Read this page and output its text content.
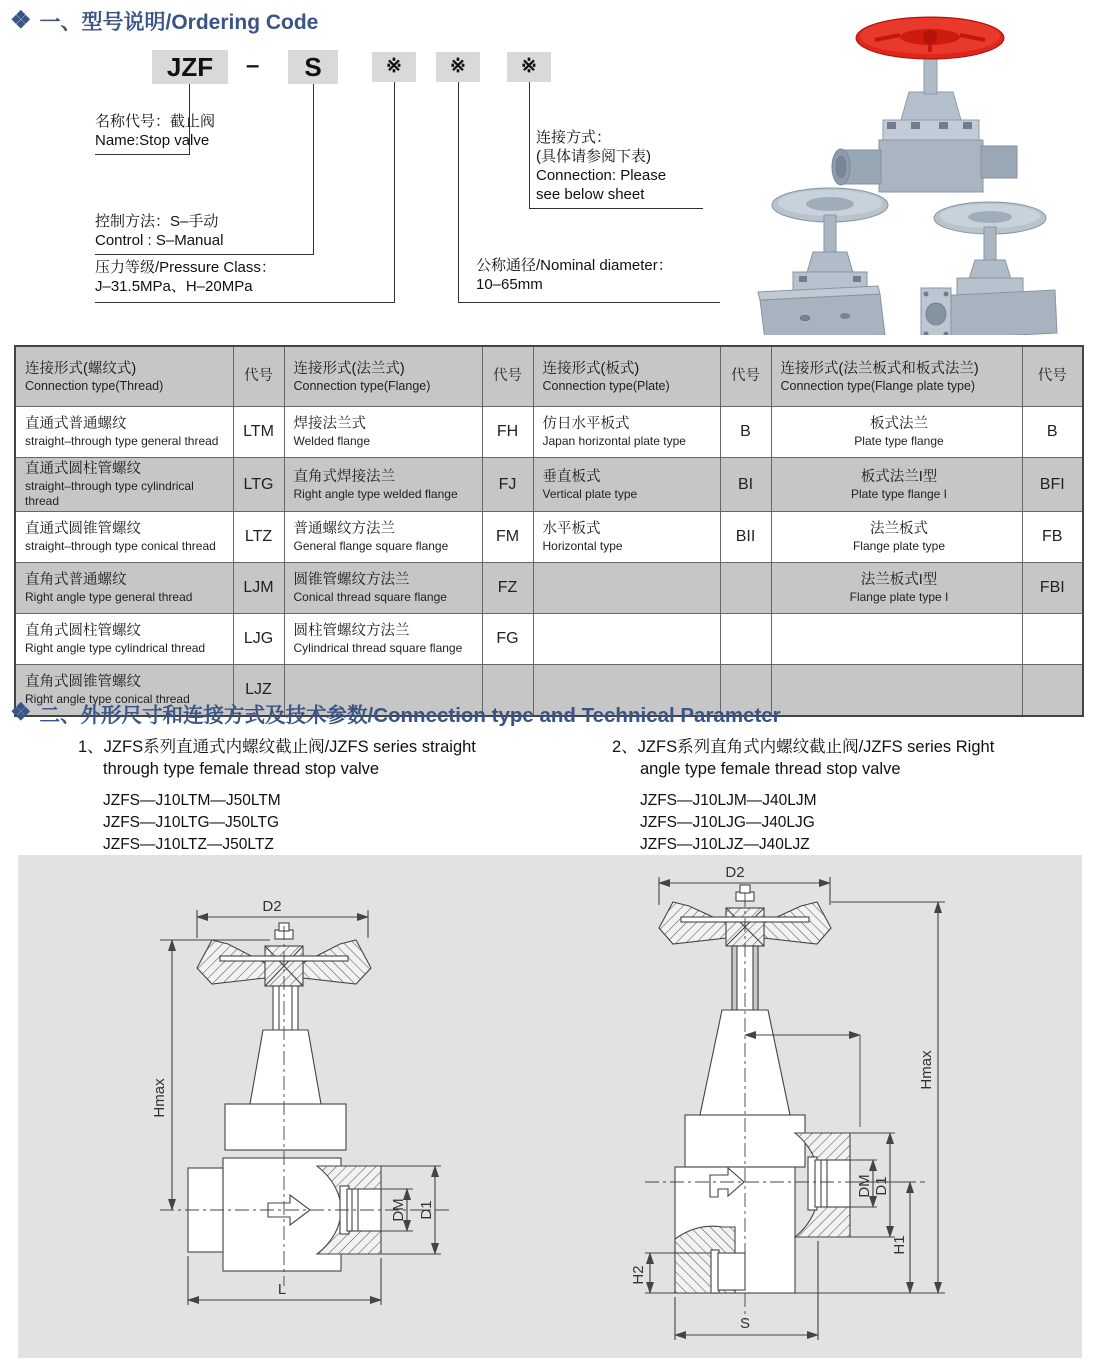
❖ 一、型号说明/Ordering Code
JZF	–	S	※	※	※
名称代号：截止阀
Name:Stop valve
控制方法：S–手动
Control : S–Manual
压力等级/Pressure Class：
J–31.5MPa、H–20MPa
连接方式：
(具体请参阅下表)
Connection: Please
see below sheet
公称通径/Nominal diameter：
10–65mm
连接形式(螺纹式)
Connection type(Thread)

代号	连接形式(法兰式)
Connection type(Flange)

代号	连接形式(板式)
Connection type(Plate)

代号	连接形式(法兰板式和板式法兰)
Connection type(Flange plate type)

代号

直通式普通螺纹
straight–through type general thread
	LTM	焊接法兰式
Welded flange
	FH	仿日水平板式
Japan horizontal plate type
	B	板式法兰
Plate type flange
	B

直通式圆柱管螺纹
straight–through type cylindrical thread
	LTG	直角式焊接法兰
Right angle type welded flange
	FJ	垂直板式
Vertical plate type
	BI	板式法兰I型
Plate type flange I
	BFI

直通式圆锥管螺纹
straight–through type conical thread
	LTZ	普通螺纹方法兰
General flange square flange
	FM	水平板式
Horizontal type
	BII	法兰板式
Flange plate type
	FB

直角式普通螺纹
Right angle type general thread
	LJM	圆锥管螺纹方法兰
Conical thread square flange
	FZ			法兰板式I型
Flange plate type I
	FBI

直角式圆柱管螺纹
Right angle type cylindrical thread
	LJG	圆柱管螺纹方法兰
Cylindrical thread square flange
	FG				

直角式圆锥管螺纹
Right angle type conical thread	LJZ						
❖ 二、外形尺寸和连接方式及技术参数/Connection type and Technical Parameter
1、JZFS系列直通式内螺纹截止阀/JZFS series straight
through type female thread stop valve
JZFS—J10LTM—J50LTM
JZFS—J10LTG—J50LTG
JZFS—J10LTZ—J50LTZ
2、JZFS系列直角式内螺纹截止阀/JZFS series Right
angle type female thread stop valve
JZFS—J10LJM—J40LJM
JZFS—J10LJG—J40LJG
JZFS—J10LJZ—J40LJZ
D2
Hmax
DM D1
L
D2
Hmax
DM D1
H1
H2
S
